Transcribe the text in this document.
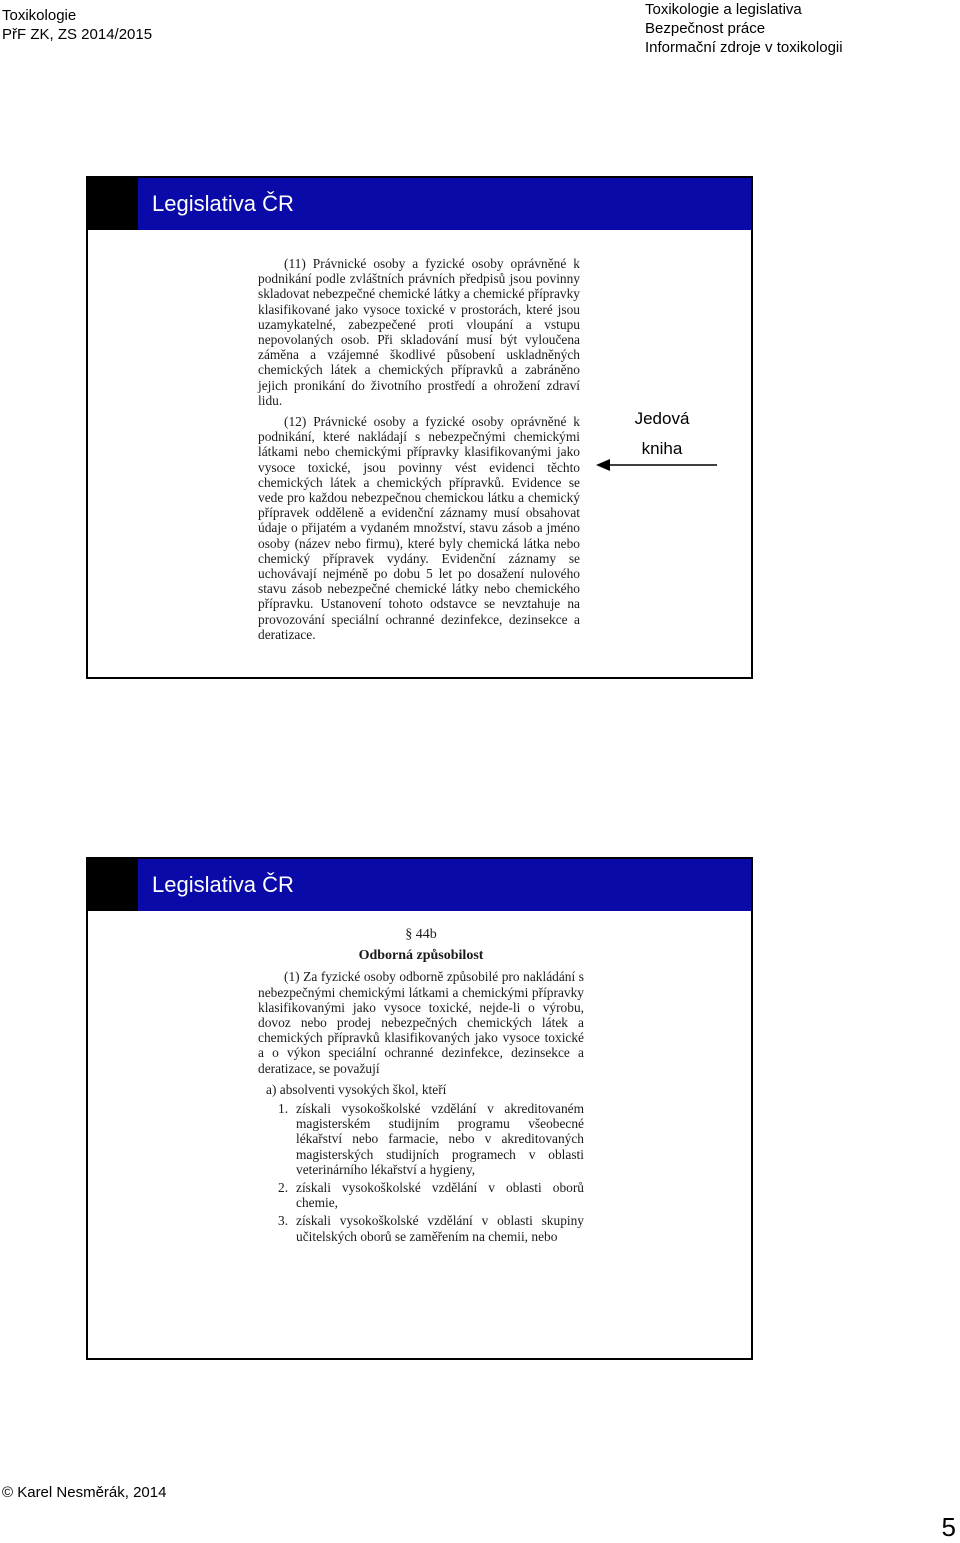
Toxikologie
PřF ZK, ZS 2014/2015
Toxikologie a legislativa
Bezpečnost práce
Informační zdroje v toxikologii
Legislativa ČR

(11) Právnické osoby a fyzické osoby oprávněné k podnikání podle zvláštních právních předpisů jsou povinny skladovat nebezpečné chemické látky a chemické přípravky klasifikované jako vysoce toxické v prostorách, které jsou uzamykatelné, zabezpečené proti vloupání a vstupu nepovolaných osob. Při skladování musí být vyloučena záměna a vzájemné škodlivé působení uskladněných chemických látek a chemických přípravků a zabráněno jejich pronikání do životního prostředí a ohrožení zdraví lidu.

(12) Právnické osoby a fyzické osoby oprávněné k podnikání, které nakládají s nebezpečnými chemickými látkami nebo chemickými přípravky klasifikovanými jako vysoce toxické, jsou povinny vést evidenci těchto chemických látek a chemických přípravků. Evidence se vede pro každou nebezpečnou chemickou látku a chemický přípravek odděleně a evidenční záznamy musí obsahovat údaje o přijatém a vydaném množství, stavu zásob a jméno osoby (název nebo firmu), které byly chemická látka nebo chemický přípravek vydány. Evidenční záznamy se uchovávají nejméně po dobu 5 let po dosažení nulového stavu zásob nebezpečné chemické látky nebo chemického přípravku. Ustanovení tohoto odstavce se nevztahuje na provozování speciální ochranné dezinfekce, dezinsekce a deratizace.

Jedová
kniha
Legislativa ČR

§ 44b

Odborná způsobilost

(1) Za fyzické osoby odborně způsobilé pro nakládání s nebezpečnými chemickými látkami a chemickými přípravky klasifikovanými jako vysoce toxické, nejde-li o výrobu, dovoz nebo prodej nebezpečných chemických látek a chemických přípravků klasifikovaných jako vysoce toxické a o výkon speciální ochranné dezinfekce, dezinsekce a deratizace, se považují

a) absolventi vysokých škol, kteří

1. získali vysokoškolské vzdělání v akreditovaném magisterském studijním programu všeobecné lékařství nebo farmacie, nebo v akreditovaných magisterských studijních programech v oblasti veterinárního lékařství a hygieny,
2. získali vysokoškolské vzdělání v oblasti oborů chemie,
3. získali vysokoškolské vzdělání v oblasti skupiny učitelských oborů se zaměřením na chemii, nebo
© Karel Nesměrák, 2014
5
